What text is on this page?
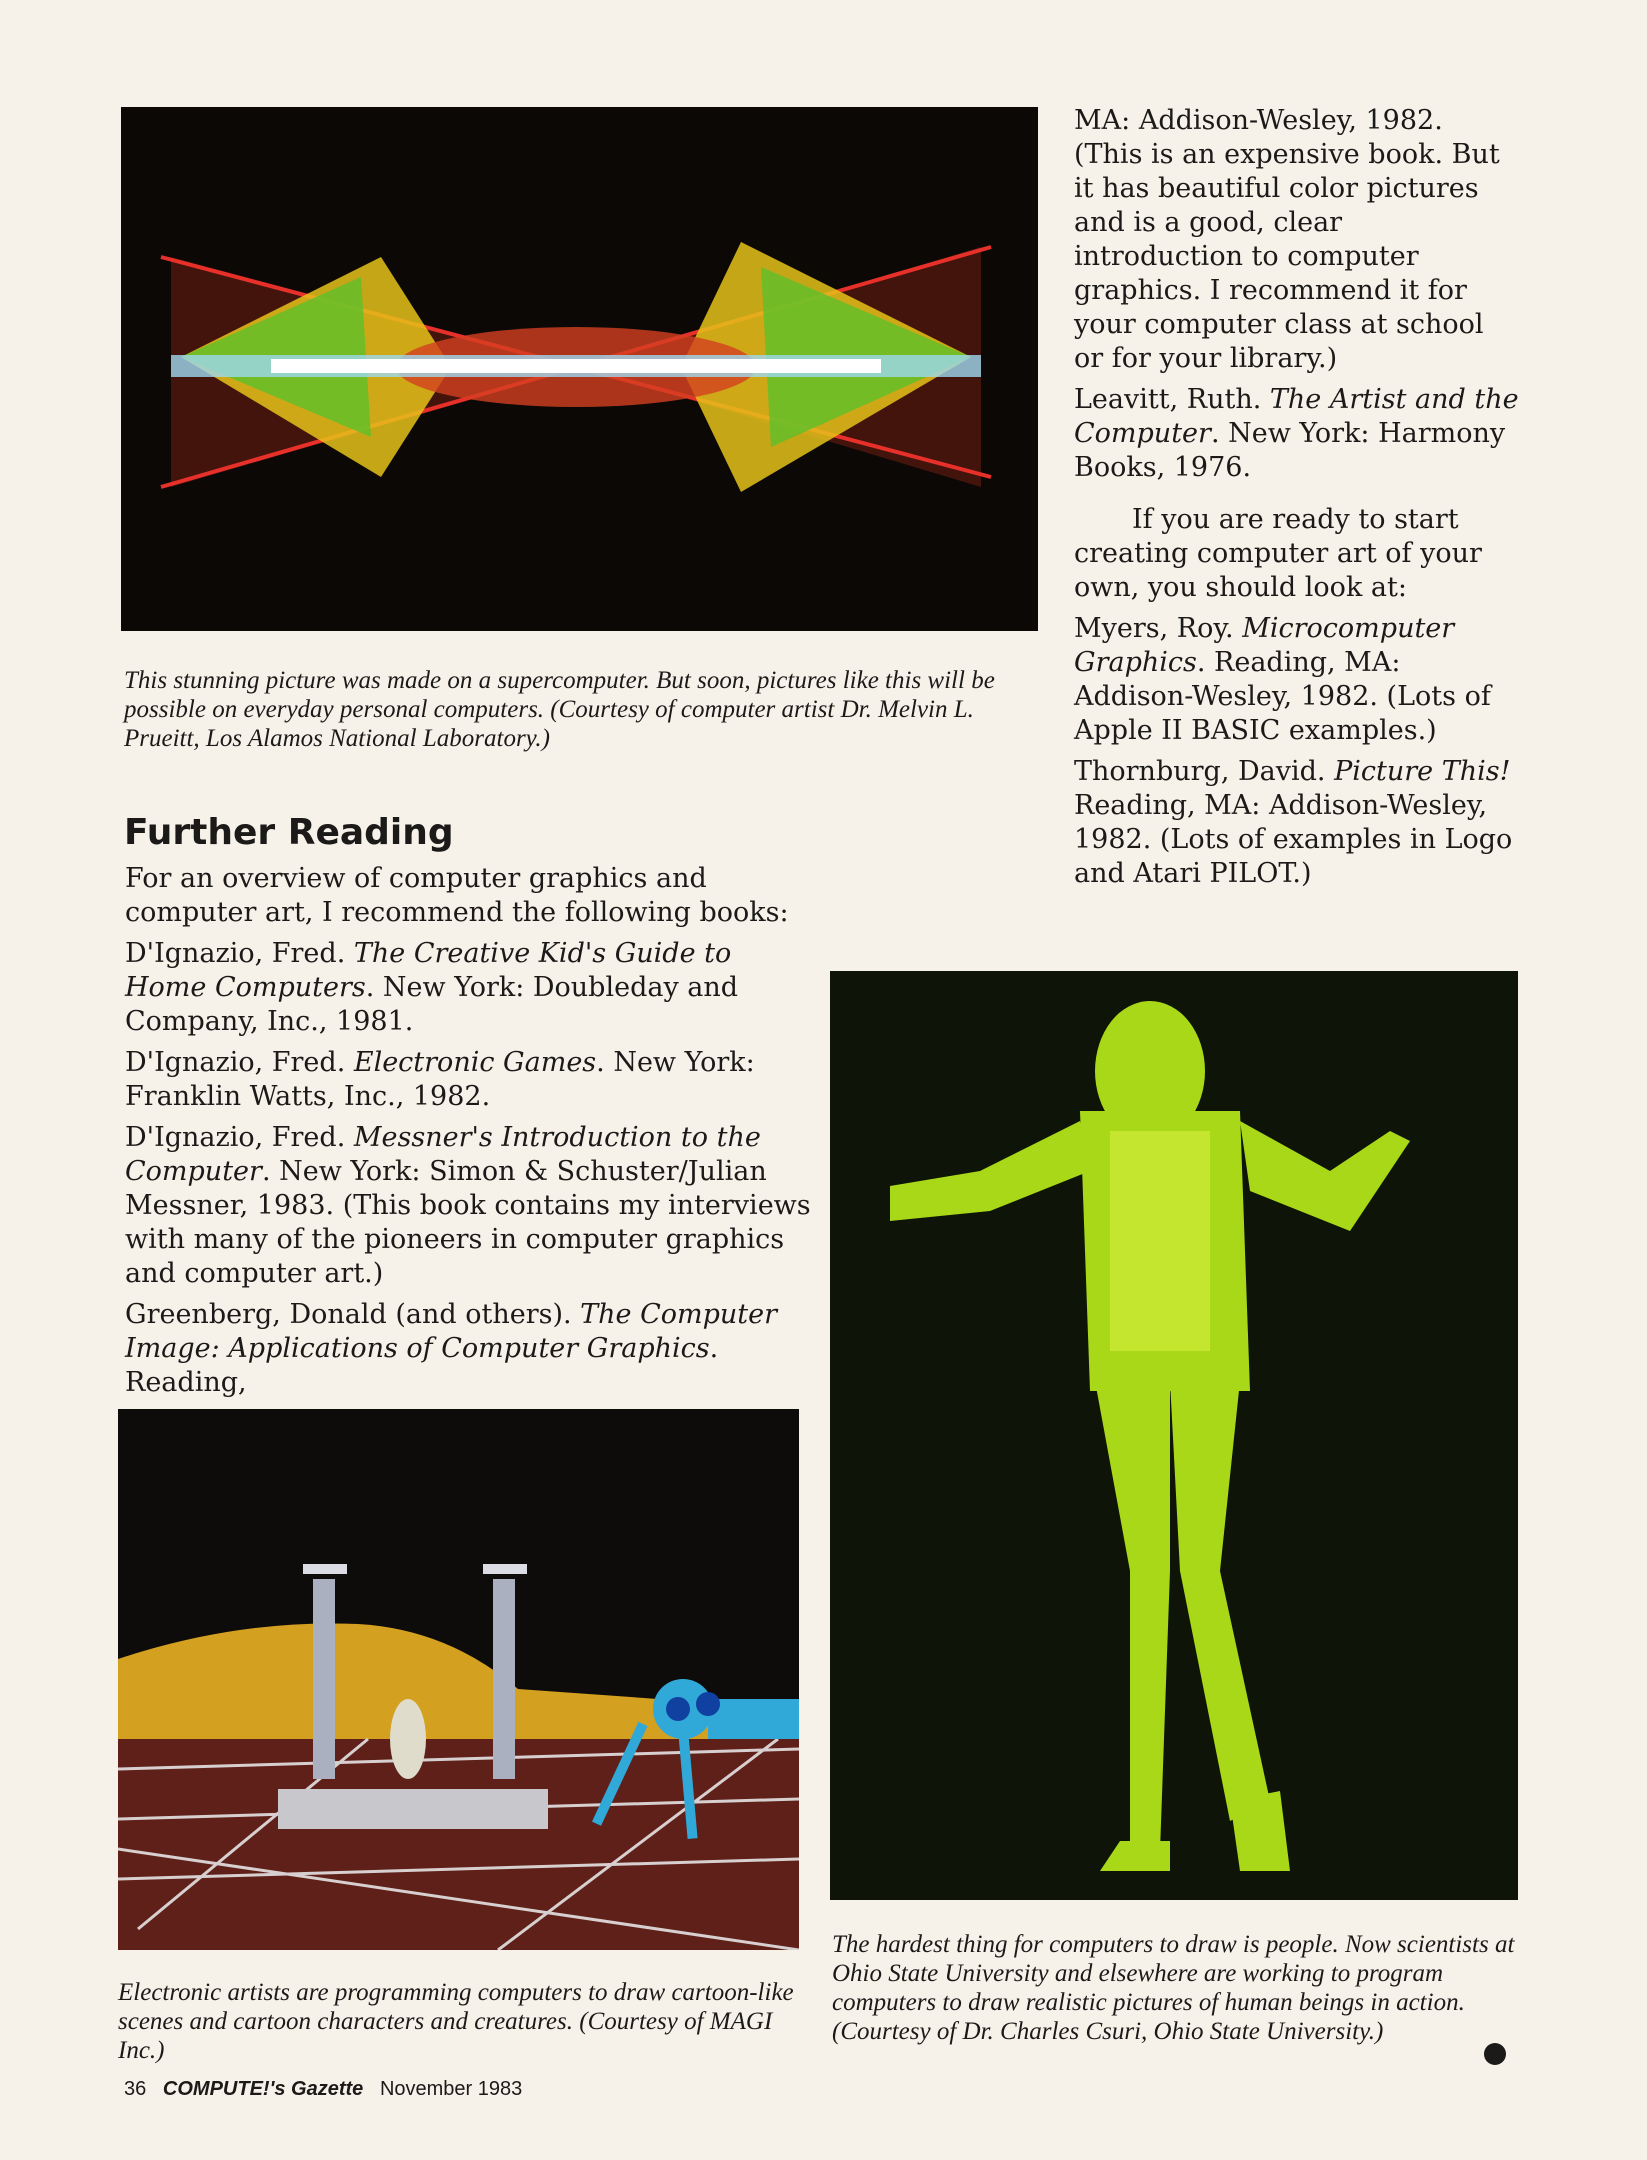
This stunning picture was made on a supercomputer. But soon, pictures like this will be possible on everyday personal computers. (Courtesy of computer artist Dr. Melvin L. Prueitt, Los Alamos National Laboratory.)
Further Reading

For an overview of computer graphics and computer art, I recommend the following books:

D'Ignazio, Fred. The Creative Kid's Guide to Home Computers. New York: Doubleday and Company, Inc., 1981.

D'Ignazio, Fred. Electronic Games. New York: Franklin Watts, Inc., 1982.

D'Ignazio, Fred. Messner's Introduction to the Computer. New York: Simon & Schuster/Julian Messner, 1983. (This book contains my interviews with many of the pioneers in computer graphics and computer art.)

Greenberg, Donald (and others). The Computer Image: Applications of Computer Graphics. Reading,

MA: Addison-Wesley, 1982. (This is an expensive book. But it has beautiful color pictures and is a good, clear introduction to computer graphics. I recommend it for your computer class at school or for your library.)

Leavitt, Ruth. The Artist and the Computer. New York: Harmony Books, 1976.

If you are ready to start creating computer art of your own, you should look at:

Myers, Roy. Microcomputer Graphics. Reading, MA: Addison-Wesley, 1982. (Lots of Apple II BASIC examples.)

Thornburg, David. Picture This! Reading, MA: Addison-Wesley, 1982. (Lots of examples in Logo and Atari PILOT.)

Electronic artists are programming computers to draw cartoon-like scenes and cartoon characters and creatures. (Courtesy of MAGI Inc.)
The hardest thing for computers to draw is people. Now scientists at Ohio State University and elsewhere are working to program computers to draw realistic pictures of human beings in action. (Courtesy of Dr. Charles Csuri, Ohio State University.)
36 COMPUTE!'s Gazette November 1983
